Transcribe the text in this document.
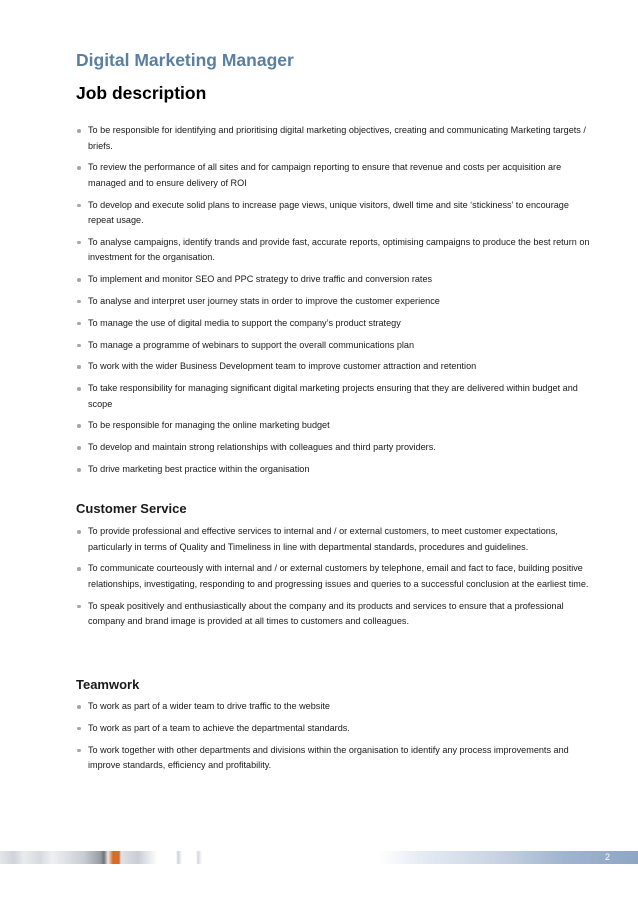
Digital Marketing Manager
Job description
To be responsible for identifying and prioritising digital marketing objectives, creating and communicating Marketing targets / briefs.
To review the performance of all sites and for campaign reporting to ensure that revenue and costs per acquisition are managed and to ensure delivery of ROI
To develop and execute solid plans to increase page views, unique visitors, dwell time and site ‘stickiness’ to encourage repeat usage.
To analyse campaigns, identify trands and provide fast, accurate reports, optimising campaigns to produce the best return on investment for the organisation.
To implement and monitor SEO and PPC strategy to drive traffic and conversion rates
To analyse and interpret user journey stats in order to improve the customer experience
To manage the use of digital media to support the company’s product strategy
To manage a programme of webinars to support the overall communications plan
To work with the wider Business Development team to improve customer attraction and retention
To take responsibility for managing significant digital marketing projects ensuring that they are delivered within budget and scope
To be responsible for managing the online marketing budget
To develop and maintain strong relationships with colleagues and third party providers.
To drive marketing best practice within the organisation
Customer Service
To provide professional and effective services to internal and / or external customers, to meet customer expectations, particularly in terms of Quality and Timeliness in line with departmental standards, procedures and guidelines.
To communicate courteously with internal and / or external customers by telephone, email and fact to face, building positive relationships, investigating, responding to and progressing issues and queries to a successful conclusion at the earliest time.
To speak positively and enthusiastically about the company and its products and services to ensure that a professional company and brand image is provided at all times to customers and colleagues.
Teamwork
To work as part of a wider team to drive traffic to the website
To work as part of a team to achieve the departmental standards.
To work together with other departments and divisions within the organisation to identify any process improvements and improve standards, efficiency and profitability.
2
